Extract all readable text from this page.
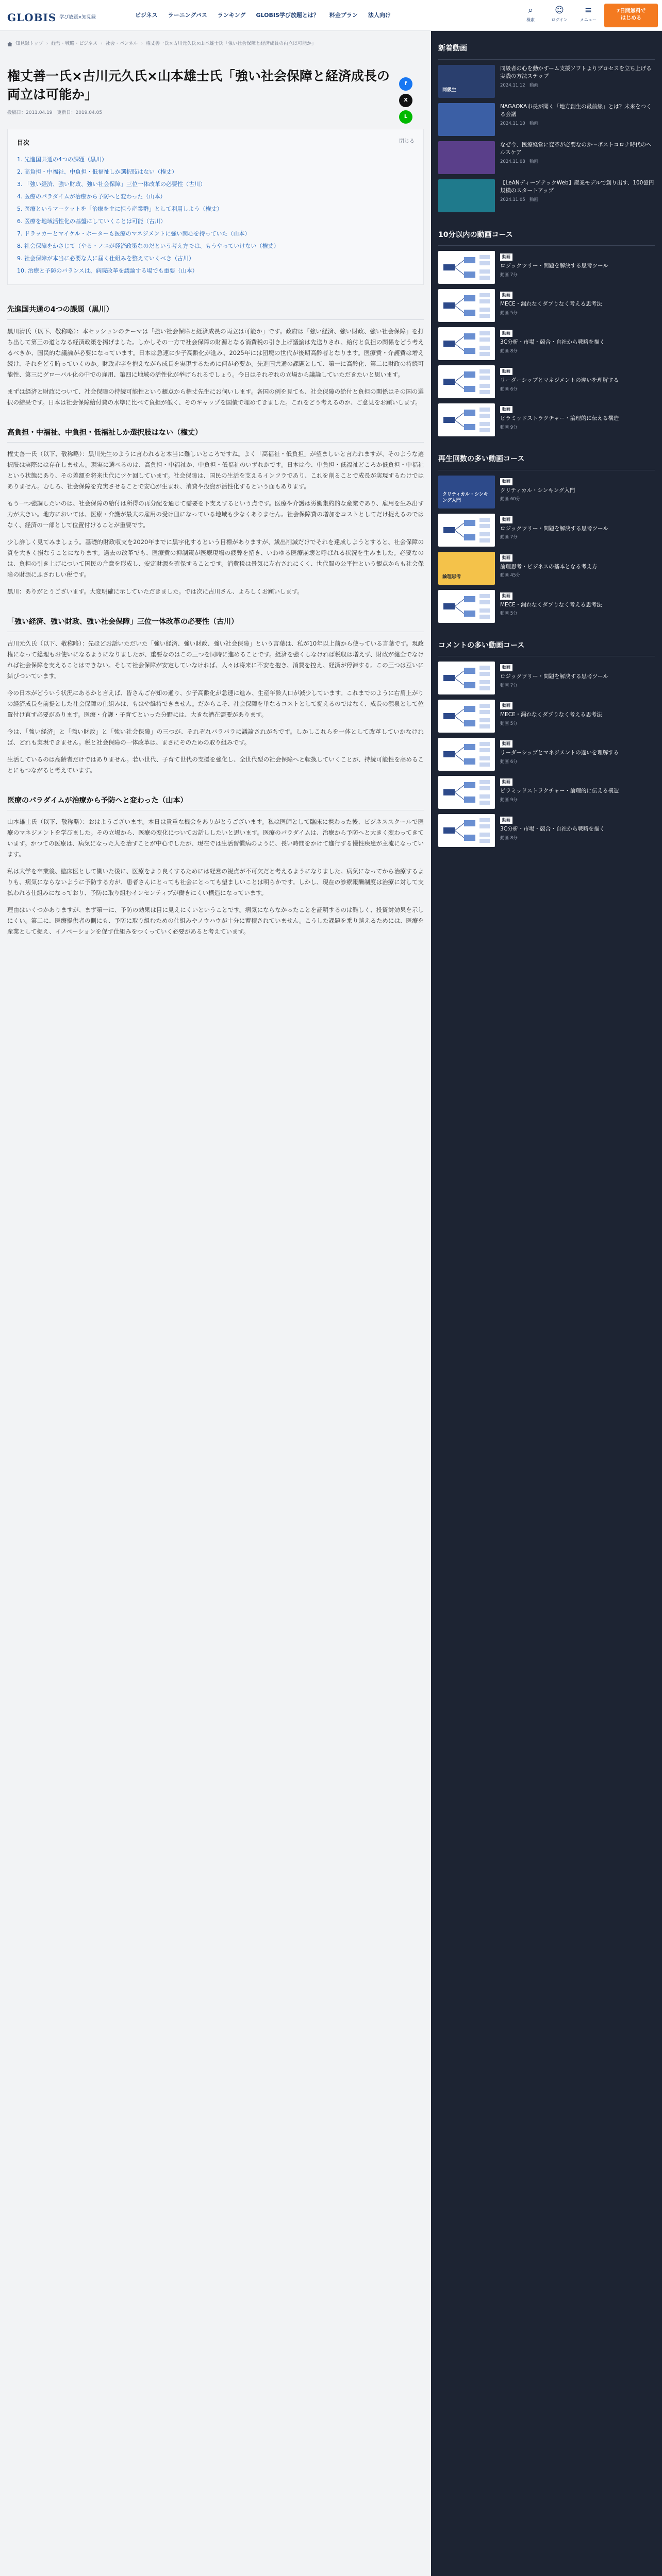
GLOBIS 学び放題×知見録	ビジネス ラーニングパス ランキング GLOBIS学び放題とは？ 料金プラン 法人向け	⌕
検索
☺
ログイン
≡
メニュー
7日間無料で
はじめる
知見録トップ › 経営・戦略・ビジネス › 社会・パンネル › 権丈善一氏×古川元久氏×山本雄士氏「強い社会保障と経済成長の両立は可能か」
権丈善一氏×古川元久氏×山本雄士氏「強い社会保障と経済成長の両立は可能か」
投稿日：2011.04.19　更新日：2019.04.05
目次	閉じる
1. 先進国共通の4つの課題（黒川）
2. 高負担・中福祉、中負担・低福祉しか選択肢はない（権丈）
3. 「強い経済、強い財政、強い社会保障」三位一体改革の必要性（古川）
4. 医療のパラダイムが治療から予防へと変わった（山本）
5. 医療というマーケットを「治療を主に担う産業群」として利用しよう（権丈）
6. 医療を地域活性化の基盤にしていくことは可能（古川）
7. ドラッカーとマイケル・ポーターも医療のマネジメントに強い関心を持っていた（山本）
8. 社会保障をかさじて（やる・ノニが経済政策なのだという考え方では、もうやっていけない（権丈）
9. 社会保障が本当に必要な人に届く仕組みを整えていくべき（古川）
10. 治療と予防のバランスは、病院改革を議論する場でも重要（山本）
先進国共通の4つの課題（黒川）

黒川清氏（以下、敬称略）：本セッションのテーマは「強い社会保障と経済成長の両立は可能か」です。政府は「強い経済、強い財政、強い社会保障」を打ち出して第三の道となる経済政策を掲げました。しかしその一方で社会保障の財源となる消費税の引き上げ議論は先送りされ、給付と負担の関係をどう考えるべきか、国民的な議論が必要になっています。日本は急速に少子高齢化が進み、2025年には団塊の世代が後期高齢者となります。医療費・介護費は増え続け、それをどう賄っていくのか。財政赤字を抱えながら成長を実現するために何が必要か。先進国共通の課題として、第一に高齢化、第二に財政の持続可能性、第三にグローバル化の中での雇用、第四に地域の活性化が挙げられるでしょう。今日はそれぞれの立場から議論していただきたいと思います。

まずは経済と財政について、社会保障の持続可能性という観点から権丈先生にお伺いします。各国の例を見ても、社会保障の給付と負担の関係はその国の選択の結果です。日本は社会保障給付費の水準に比べて負担が低く、そのギャップを国債で埋めてきました。これをどう考えるのか、ご意見をお願いします。

高負担・中福祉、中負担・低福祉しか選択肢はない（権丈）

権丈善一氏（以下、敬称略）：黒川先生のように言われると本当に難しいところですね。よく「高福祉・低負担」が望ましいと言われますが、そのような選択肢は実際には存在しません。現実に選べるのは、高負担・中福祉か、中負担・低福祉のいずれかです。日本は今、中負担・低福祉どころか低負担・中福祉という状態にあり、その差額を将来世代にツケ回しています。社会保障は、国民の生活を支えるインフラであり、これを削ることで成長が実現するわけではありません。むしろ、社会保障を充実させることで安心が生まれ、消費や投資が活性化するという面もあります。

もう一つ強調したいのは、社会保障の給付は所得の再分配を通じて需要を下支えするという点です。医療や介護は労働集約的な産業であり、雇用を生み出す力が大きい。地方においては、医療・介護が最大の雇用の受け皿になっている地域も少なくありません。社会保障費の増加をコストとしてだけ捉えるのではなく、経済の一部として位置付けることが重要です。

少し詳しく見てみましょう。基礎的財政収支を2020年までに黒字化するという目標がありますが、歳出削減だけでそれを達成しようとすると、社会保障の質を大きく損なうことになります。過去の改革でも、医療費の抑制策が医療現場の疲弊を招き、いわゆる医療崩壊と呼ばれる状況を生みました。必要なのは、負担の引き上げについて国民の合意を形成し、安定財源を確保することです。消費税は景気に左右されにくく、世代間の公平性という観点からも社会保障の財源にふさわしい税です。

黒川：ありがとうございます。大変明確に示していただきました。では次に古川さん、よろしくお願いします。

「強い経済、強い財政、強い社会保障」三位一体改革の必要性（古川）

古川元久氏（以下、敬称略）：先ほどお話いただいた「強い経済、強い財政、強い社会保障」という言葉は、私が10年以上前から使っている言葉です。現政権になって総理もお使いになるようになりましたが、重要なのはこの三つを同時に進めることです。経済を強くしなければ税収は増えず、財政が健全でなければ社会保障を支えることはできない。そして社会保障が安定していなければ、人々は将来に不安を抱き、消費を控え、経済が停滞する。この三つは互いに結びついています。

今の日本がどういう状況にあるかと言えば、皆さんご存知の通り、少子高齢化が急速に進み、生産年齢人口が減少しています。これまでのように右肩上がりの経済成長を前提とした社会保障の仕組みは、もはや維持できません。だからこそ、社会保障を単なるコストとして捉えるのではなく、成長の源泉として位置付け直す必要があります。医療・介護・子育てといった分野には、大きな潜在需要があります。

今は、「強い経済」と「強い財政」と「強い社会保障」の三つが、それぞれバラバラに議論されがちです。しかしこれらを一体として改革していかなければ、どれも実現できません。税と社会保障の一体改革は、まさにそのための取り組みです。

生活しているのは高齢者だけではありません。若い世代、子育て世代の支援を強化し、全世代型の社会保障へと転換していくことが、持続可能性を高めることにもつながると考えています。

医療のパラダイムが治療から予防へと変わった（山本）

山本雄士氏（以下、敬称略）：おはようございます。本日は貴重な機会をありがとうございます。私は医師として臨床に携わった後、ビジネススクールで医療のマネジメントを学びました。その立場から、医療の変化についてお話ししたいと思います。医療のパラダイムは、治療から予防へと大きく変わってきています。かつての医療は、病気になった人を治すことが中心でしたが、現在では生活習慣病のように、長い時間をかけて進行する慢性疾患が主流になっています。

私は大学を卒業後、臨床医として働いた後に、医療をより良くするためには経営の視点が不可欠だと考えるようになりました。病気になってから治療するよりも、病気にならないように予防する方が、患者さんにとっても社会にとっても望ましいことは明らかです。しかし、現在の診療報酬制度は治療に対して支払われる仕組みになっており、予防に取り組むインセンティブが働きにくい構造になっています。

理由はいくつかありますが、まず第一に、予防の効果は目に見えにくいということです。病気にならなかったことを証明するのは難しく、投資対効果を示しにくい。第二に、医療提供者の側にも、予防に取り組むための仕組みやノウハウが十分に蓄積されていません。こうした課題を乗り越えるためには、医療を産業として捉え、イノベーションを促す仕組みをつくっていく必要があると考えています。

f
X
L
新着動画
同級生
同級者の心を動かすーム支援ソフトよりプロセスを立ち上げる実践の方法ステップ
2024.11.12　動画
NAGAOKA市長が聞く「地方創生の最前線」とは？未来をつくる会議
2024.11.10　動画
なぜ今、医療経営に変革が必要なのか〜ポストコロナ時代のヘルスケア
2024.11.08　動画
【LeANディープテックWeb】産業モデルで創り出す、100億円規模のスタートアップ
2024.11.05　動画
10分以内の動画コース
動画
ロジックツリー・問題を解決する思考ツール
動画 7分
動画
MECE・漏れなくダブりなく考える思考法
動画 5分
動画
3C分析・市場・競合・自社から戦略を描く
動画 8分
動画
リーダーシップとマネジメントの違いを理解する
動画 6分
動画
ピラミッドストラクチャー・論理的に伝える構造
動画 9分
再生回数の多い動画コース
クリティカル・シンキング入門
動画
クリティカル・シンキング入門
動画 60分
動画
ロジックツリー・問題を解決する思考ツール
動画 7分
論理思考
動画
論理思考・ビジネスの基本となる考え方
動画 45分
動画
MECE・漏れなくダブりなく考える思考法
動画 5分
コメントの多い動画コース
動画
ロジックツリー・問題を解決する思考ツール
動画 7分
動画
MECE・漏れなくダブりなく考える思考法
動画 5分
動画
リーダーシップとマネジメントの違いを理解する
動画 6分
動画
ピラミッドストラクチャー・論理的に伝える構造
動画 9分
動画
3C分析・市場・競合・自社から戦略を描く
動画 8分
